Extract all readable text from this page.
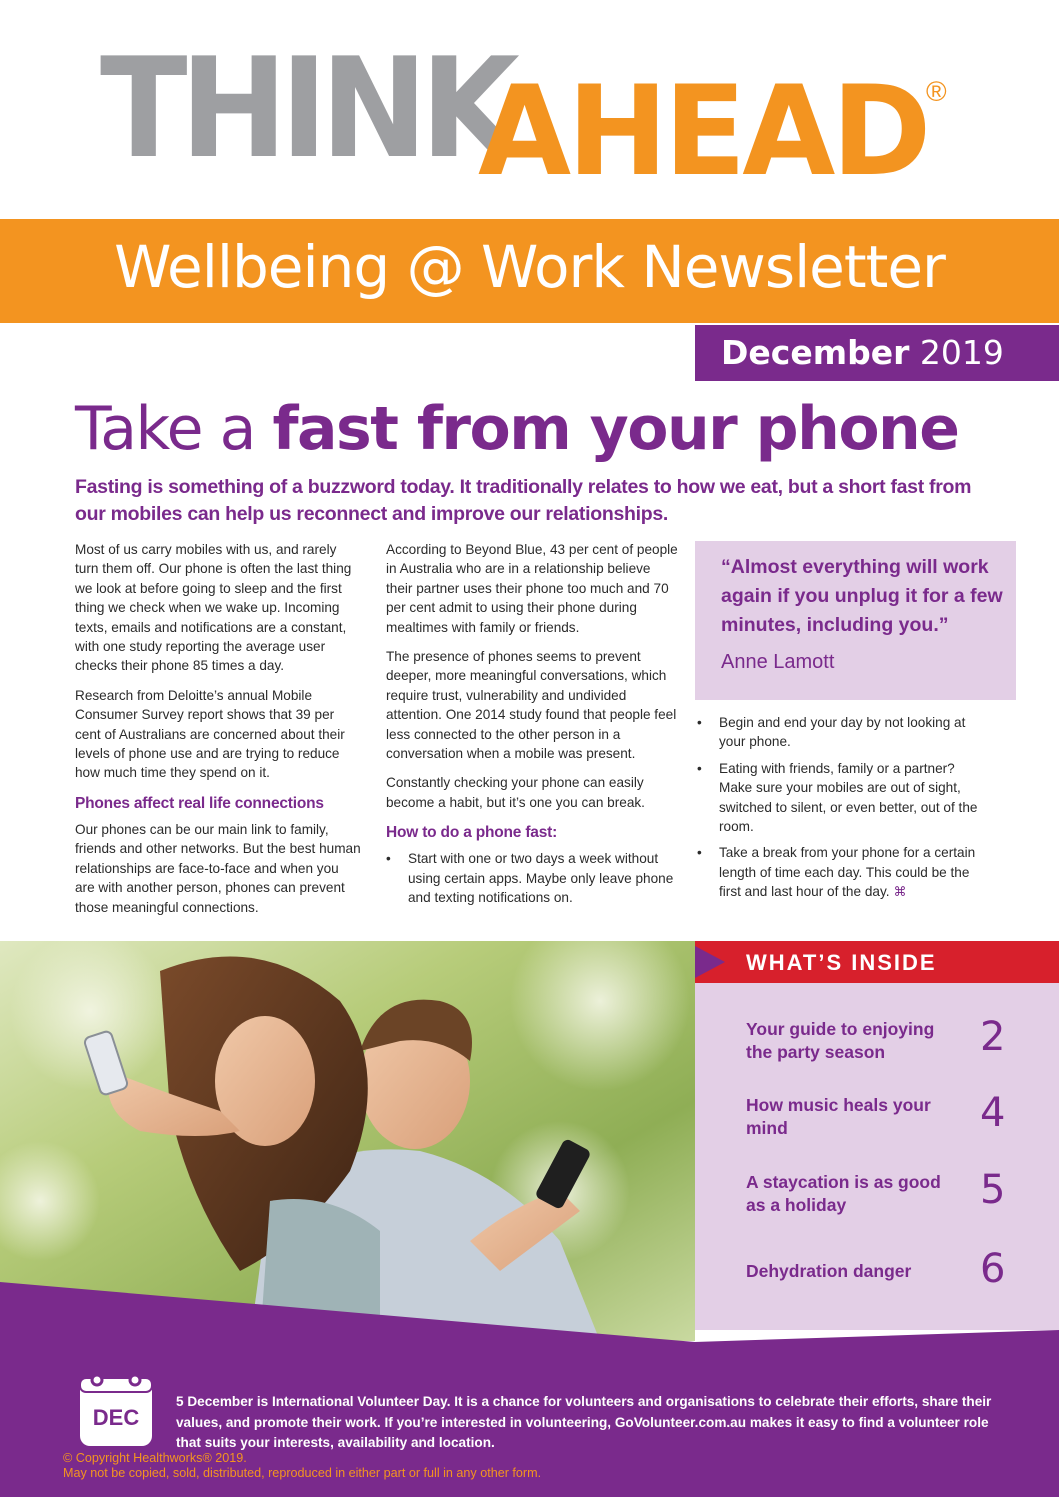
THINK
AHEAD
®
Wellbeing @ Work Newsletter
December 2019
Take a fast from your phone
Fasting is something of a buzzword today. It traditionally relates to how we eat, but a short fast from our mobiles can help us reconnect and improve our relationships.

Most of us carry mobiles with us, and rarely turn them off. Our phone is often the last thing we look at before going to sleep and the first thing we check when we wake up. Incoming texts, emails and notifications are a constant, with one study reporting the average user checks their phone 85 times a day.

Research from Deloitte’s annual Mobile Consumer Survey report shows that 39 per cent of Australians are concerned about their levels of phone use and are trying to reduce how much time they spend on it.

Phones affect real life connections

Our phones can be our main link to family, friends and other networks. But the best human relationships are face-to-face and when you are with another person, phones can prevent those meaningful connections.

According to Beyond Blue, 43 per cent of people in Australia who are in a relationship believe their partner uses their phone too much and 70 per cent admit to using their phone during mealtimes with family or friends.

The presence of phones seems to prevent deeper, more meaningful conversations, which require trust, vulnerability and undivided attention. One 2014 study found that people feel less connected to the other person in a conversation when a mobile was present.

Constantly checking your phone can easily become a habit, but it’s one you can break.

How to do a phone fast:
• Start with one or two days a week without using certain apps. Maybe only leave phone and texting notifications on.
“Almost everything will work again if you unplug it for a few minutes, including you.”
Anne Lamott
• Begin and end your day by not looking at your phone.
• Eating with friends, family or a partner? Make sure your mobiles are out of sight, switched to silent, or even better, out of the room.
• Take a break from your phone for a certain length of time each day. This could be the first and last hour of the day. ⌘
WHAT’S INSIDE
Your guide to enjoying the party season	2
How music heals your mind	4
A staycation is as good as a holiday	5
Dehydration danger	6
DEC
5 December is International Volunteer Day. It is a chance for volunteers and organisations to celebrate their efforts, share their values, and promote their work. If you’re interested in volunteering, GoVolunteer.com.au makes it easy to find a volunteer role that suits your interests, availability and location.
© Copyright Healthworks® 2019.
May not be copied, sold, distributed, reproduced in either part or full in any other form.
